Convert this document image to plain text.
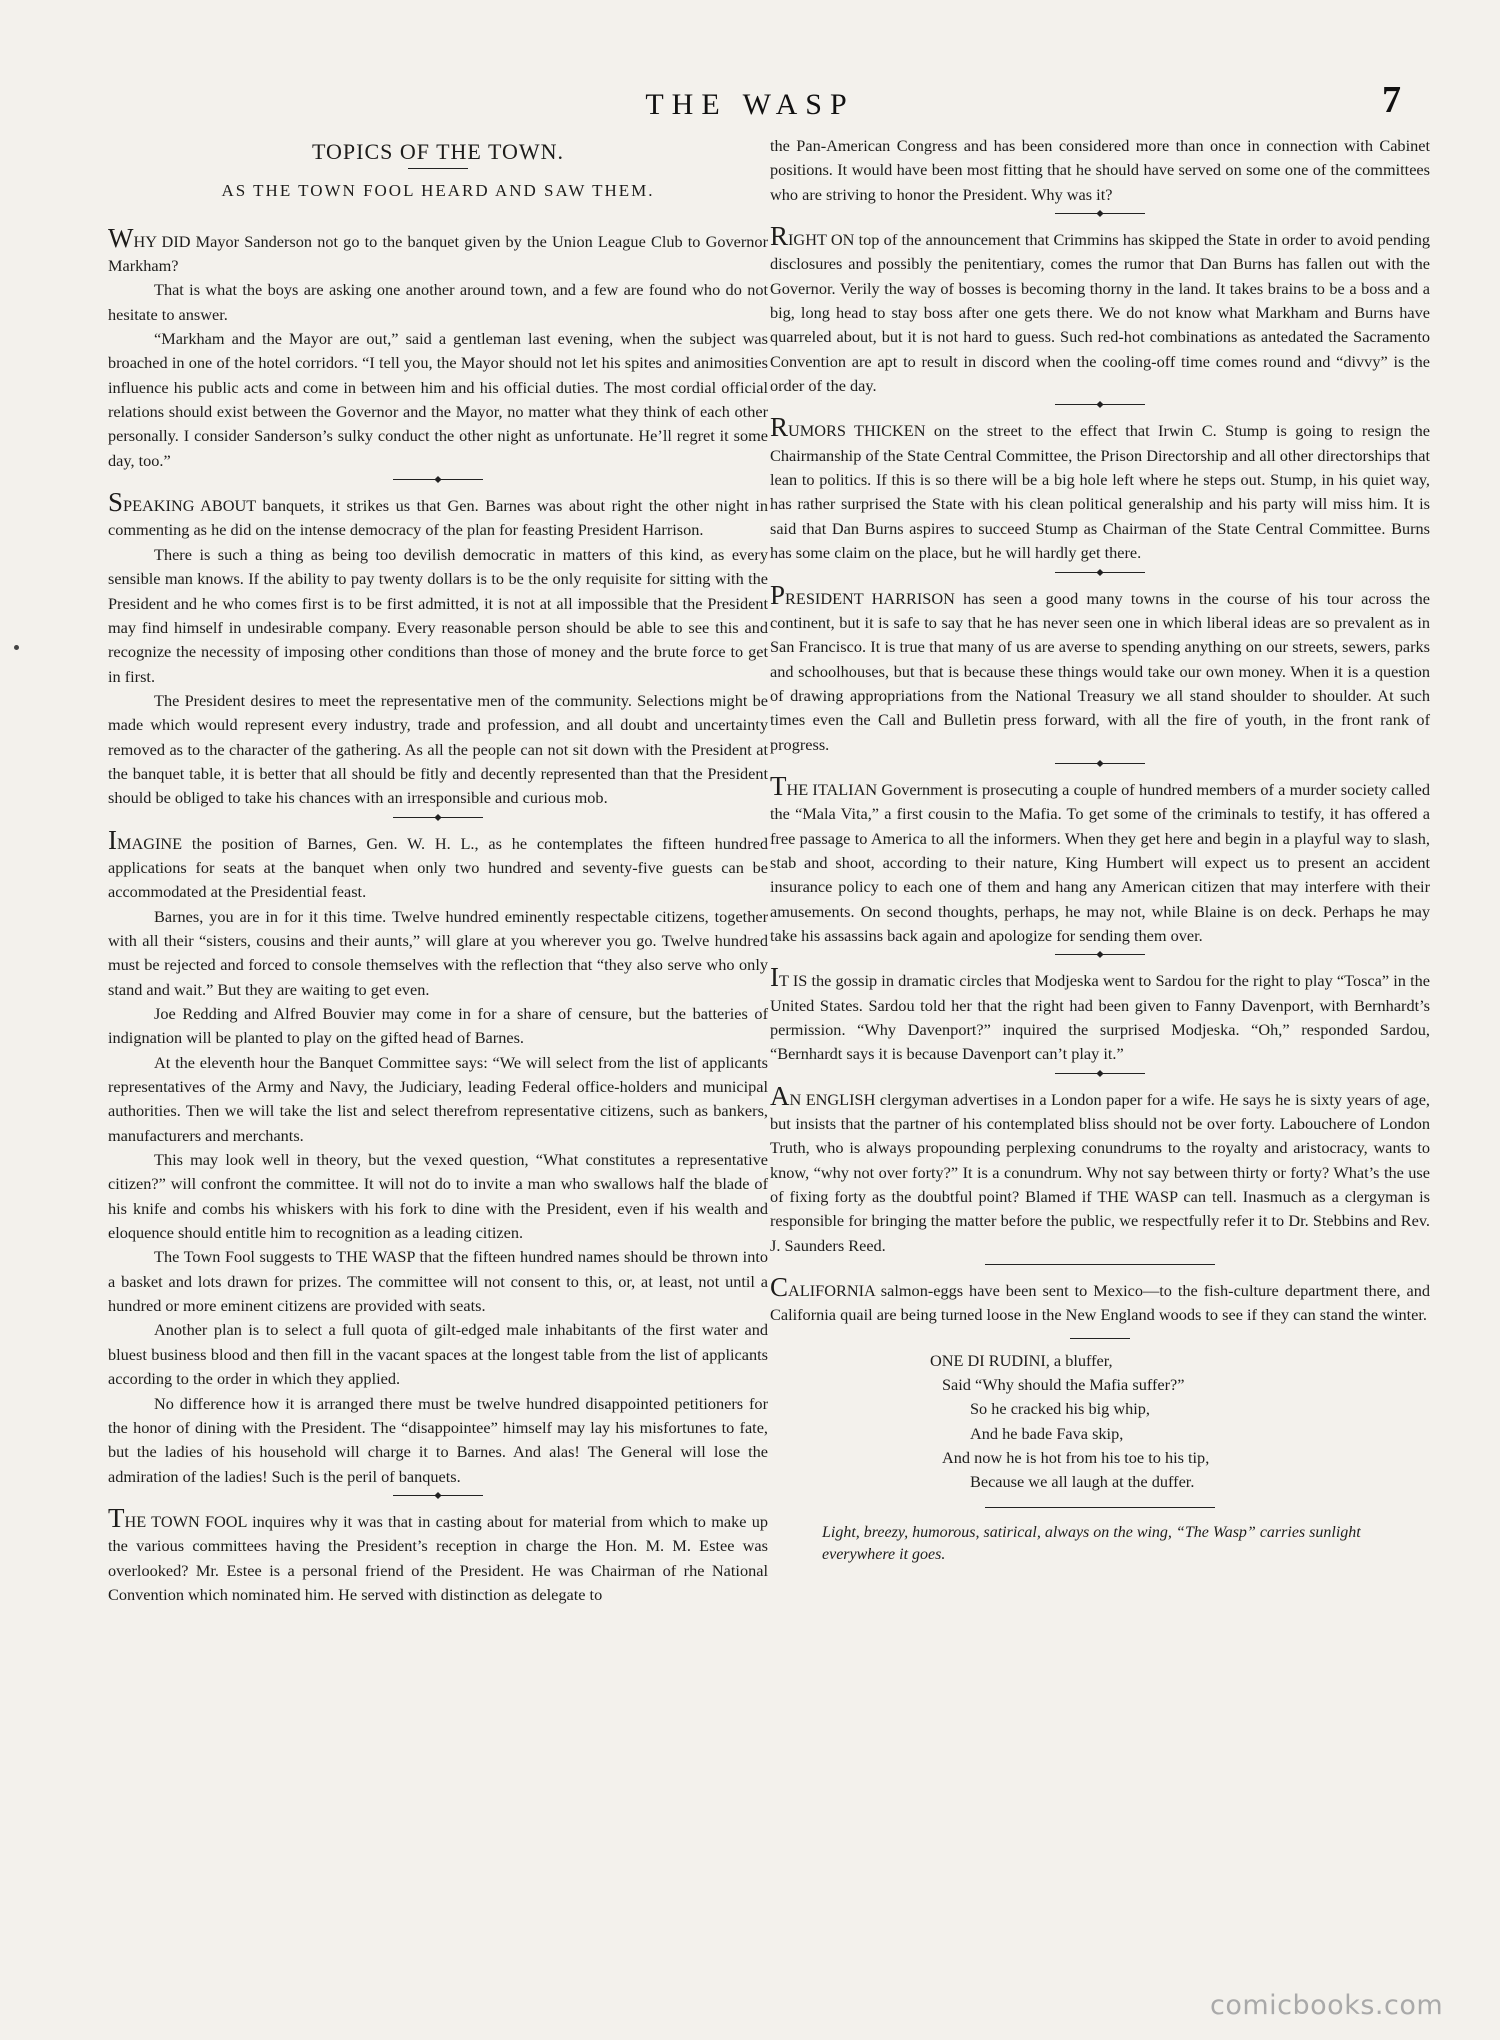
THE WASP	7
TOPICS OF THE TOWN.
AS THE TOWN FOOL HEARD AND SAW THEM.

WHY DID Mayor Sanderson not go to the banquet given by the Union League Club to Governor Markham?

That is what the boys are asking one another around town, and a few are found who do not hesitate to answer.

“Markham and the Mayor are out,” said a gentleman last evening, when the subject was broached in one of the hotel corridors. “I tell you, the Mayor should not let his spites and animosities influence his public acts and come in between him and his official duties. The most cordial official relations should exist between the Governor and the Mayor, no matter what they think of each other personally. I consider Sanderson’s sulky conduct the other night as unfortunate. He’ll regret it some day, too.”

SPEAKING ABOUT banquets, it strikes us that Gen. Barnes was about right the other night in commenting as he did on the intense democracy of the plan for feasting President Harrison.

There is such a thing as being too devilish democratic in matters of this kind, as every sensible man knows. If the ability to pay twenty dollars is to be the only requisite for sitting with the President and he who comes first is to be first admitted, it is not at all impossible that the President may find himself in undesirable company. Every reasonable person should be able to see this and recognize the necessity of imposing other conditions than those of money and the brute force to get in first.

The President desires to meet the representative men of the community. Selections might be made which would represent every industry, trade and profession, and all doubt and uncertainty removed as to the character of the gathering. As all the people can not sit down with the President at the banquet table, it is better that all should be fitly and decently represented than that the President should be obliged to take his chances with an irresponsible and curious mob.

IMAGINE the position of Barnes, Gen. W. H. L., as he contemplates the fifteen hundred applications for seats at the banquet when only two hundred and seventy-five guests can be accommodated at the Presidential feast.

Barnes, you are in for it this time. Twelve hundred eminently respectable citizens, together with all their “sisters, cousins and their aunts,” will glare at you wherever you go. Twelve hundred must be rejected and forced to console themselves with the reflection that “they also serve who only stand and wait.” But they are waiting to get even.

Joe Redding and Alfred Bouvier may come in for a share of censure, but the batteries of indignation will be planted to play on the gifted head of Barnes.

At the eleventh hour the Banquet Committee says: “We will select from the list of applicants representatives of the Army and Navy, the Judiciary, leading Federal office-holders and municipal authorities. Then we will take the list and select therefrom representative citizens, such as bankers, manufacturers and merchants.

This may look well in theory, but the vexed question, “What constitutes a representative citizen?” will confront the committee. It will not do to invite a man who swallows half the blade of his knife and combs his whiskers with his fork to dine with the President, even if his wealth and eloquence should entitle him to recognition as a leading citizen.

The Town Fool suggests to THE WASP that the fifteen hundred names should be thrown into a basket and lots drawn for prizes. The committee will not consent to this, or, at least, not until a hundred or more eminent citizens are provided with seats.

Another plan is to select a full quota of gilt-edged male inhabitants of the first water and bluest business blood and then fill in the vacant spaces at the longest table from the list of applicants according to the order in which they applied.

No difference how it is arranged there must be twelve hundred disappointed petitioners for the honor of dining with the President. The “disappointee” himself may lay his misfortunes to fate, but the ladies of his household will charge it to Barnes. And alas! The General will lose the admiration of the ladies! Such is the peril of banquets.

THE TOWN FOOL inquires why it was that in casting about for material from which to make up the various committees having the President’s reception in charge the Hon. M. M. Estee was overlooked? Mr. Estee is a personal friend of the President. He was Chairman of rhe National Convention which nominated him. He served with distinction as delegate to

the Pan-American Congress and has been considered more than once in connection with Cabinet positions. It would have been most fitting that he should have served on some one of the committees who are striving to honor the President. Why was it?

RIGHT ON top of the announcement that Crimmins has skipped the State in order to avoid pending disclosures and possibly the penitentiary, comes the rumor that Dan Burns has fallen out with the Governor. Verily the way of bosses is becoming thorny in the land. It takes brains to be a boss and a big, long head to stay boss after one gets there. We do not know what Markham and Burns have quarreled about, but it is not hard to guess. Such red-hot combinations as antedated the Sacramento Convention are apt to result in discord when the cooling-off time comes round and “divvy” is the order of the day.

RUMORS THICKEN on the street to the effect that Irwin C. Stump is going to resign the Chairmanship of the State Central Committee, the Prison Directorship and all other directorships that lean to politics. If this is so there will be a big hole left where he steps out. Stump, in his quiet way, has rather surprised the State with his clean political generalship and his party will miss him. It is said that Dan Burns aspires to succeed Stump as Chairman of the State Central Committee. Burns has some claim on the place, but he will hardly get there.

PRESIDENT HARRISON has seen a good many towns in the course of his tour across the continent, but it is safe to say that he has never seen one in which liberal ideas are so prevalent as in San Francisco. It is true that many of us are averse to spending anything on our streets, sewers, parks and schoolhouses, but that is because these things would take our own money. When it is a question of drawing appropriations from the National Treasury we all stand shoulder to shoulder. At such times even the Call and Bulletin press forward, with all the fire of youth, in the front rank of progress.

THE ITALIAN Government is prosecuting a couple of hundred members of a murder society called the “Mala Vita,” a first cousin to the Mafia. To get some of the criminals to testify, it has offered a free passage to America to all the informers. When they get here and begin in a playful way to slash, stab and shoot, according to their nature, King Humbert will expect us to present an accident insurance policy to each one of them and hang any American citizen that may interfere with their amusements. On second thoughts, perhaps, he may not, while Blaine is on deck. Perhaps he may take his assassins back again and apologize for sending them over.

IT IS the gossip in dramatic circles that Modjeska went to Sardou for the right to play “Tosca” in the United States. Sardou told her that the right had been given to Fanny Davenport, with Bernhardt’s permission. “Why Davenport?” inquired the surprised Modjeska. “Oh,” responded Sardou, “Bernhardt says it is because Davenport can’t play it.”

AN ENGLISH clergyman advertises in a London paper for a wife. He says he is sixty years of age, but insists that the partner of his contemplated bliss should not be over forty. Labouchere of London Truth, who is always propounding perplexing conundrums to the royalty and aristocracy, wants to know, “why not over forty?” It is a conundrum. Why not say between thirty or forty? What’s the use of fixing forty as the doubtful point? Blamed if THE WASP can tell. Inasmuch as a clergyman is responsible for bringing the matter before the public, we respectfully refer it to Dr. Stebbins and Rev. J. Saunders Reed.

CALIFORNIA salmon-eggs have been sent to Mexico—to the fish-culture department there, and California quail are being turned loose in the New England woods to see if they can stand the winter.

ONE DI RUDINI, a bluffer,
Said “Why should the Mafia suffer?”
So he cracked his big whip,
And he bade Fava skip,
And now he is hot from his toe to his tip,
Because we all laugh at the duffer.
Light, breezy, humorous, satirical, always on the wing, “The Wasp” carries sunlight everywhere it goes.
comicbooks.com
